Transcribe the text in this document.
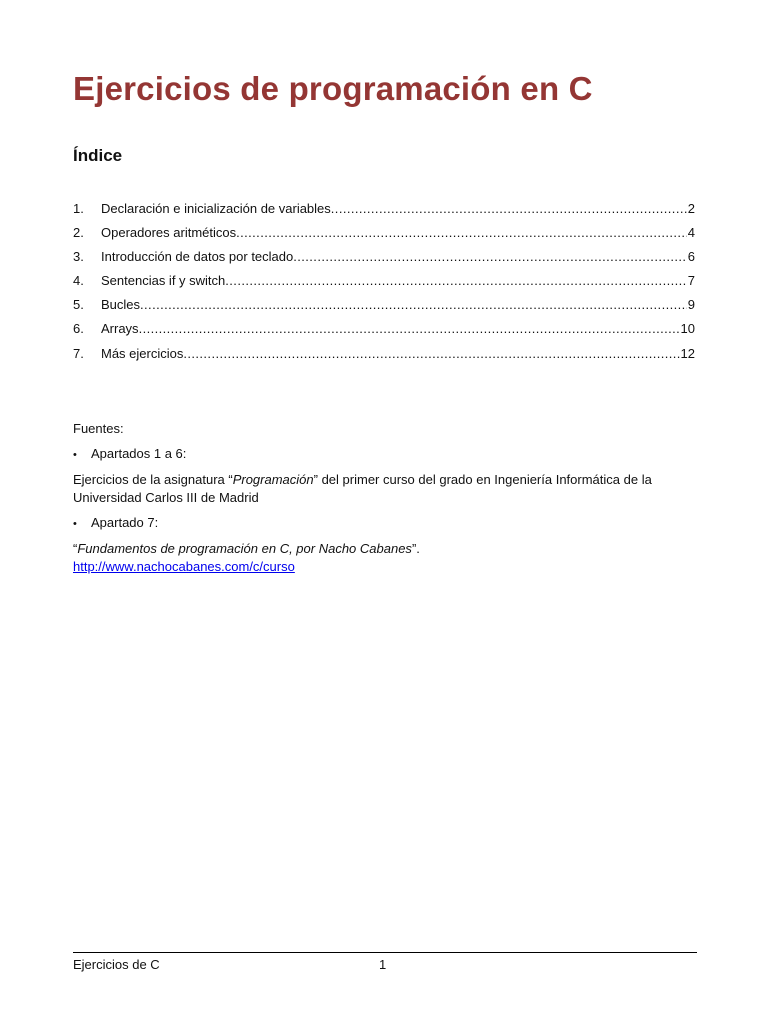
Ejercicios de programación en C
Índice
1.	Declaración e inicialización de variables .....	2
2.	Operadores aritméticos .....	4
3.	Introducción de datos por teclado .....	6
4.	Sentencias if y switch .....	7
5.	Bucles .....	9
6.	Arrays .....	10
7.	Más ejercicios .....	12

Fuentes:

•	Apartados 1 a 6:

Ejercicios de la asignatura “Programación” del primer curso del grado en Ingeniería Informática de la Universidad Carlos III de Madrid

•	Apartado 7:

“Fundamentos de programación en C, por Nacho Cabanes”.

http://www.nachocabanes.com/c/curso

Ejercicios de C	1
